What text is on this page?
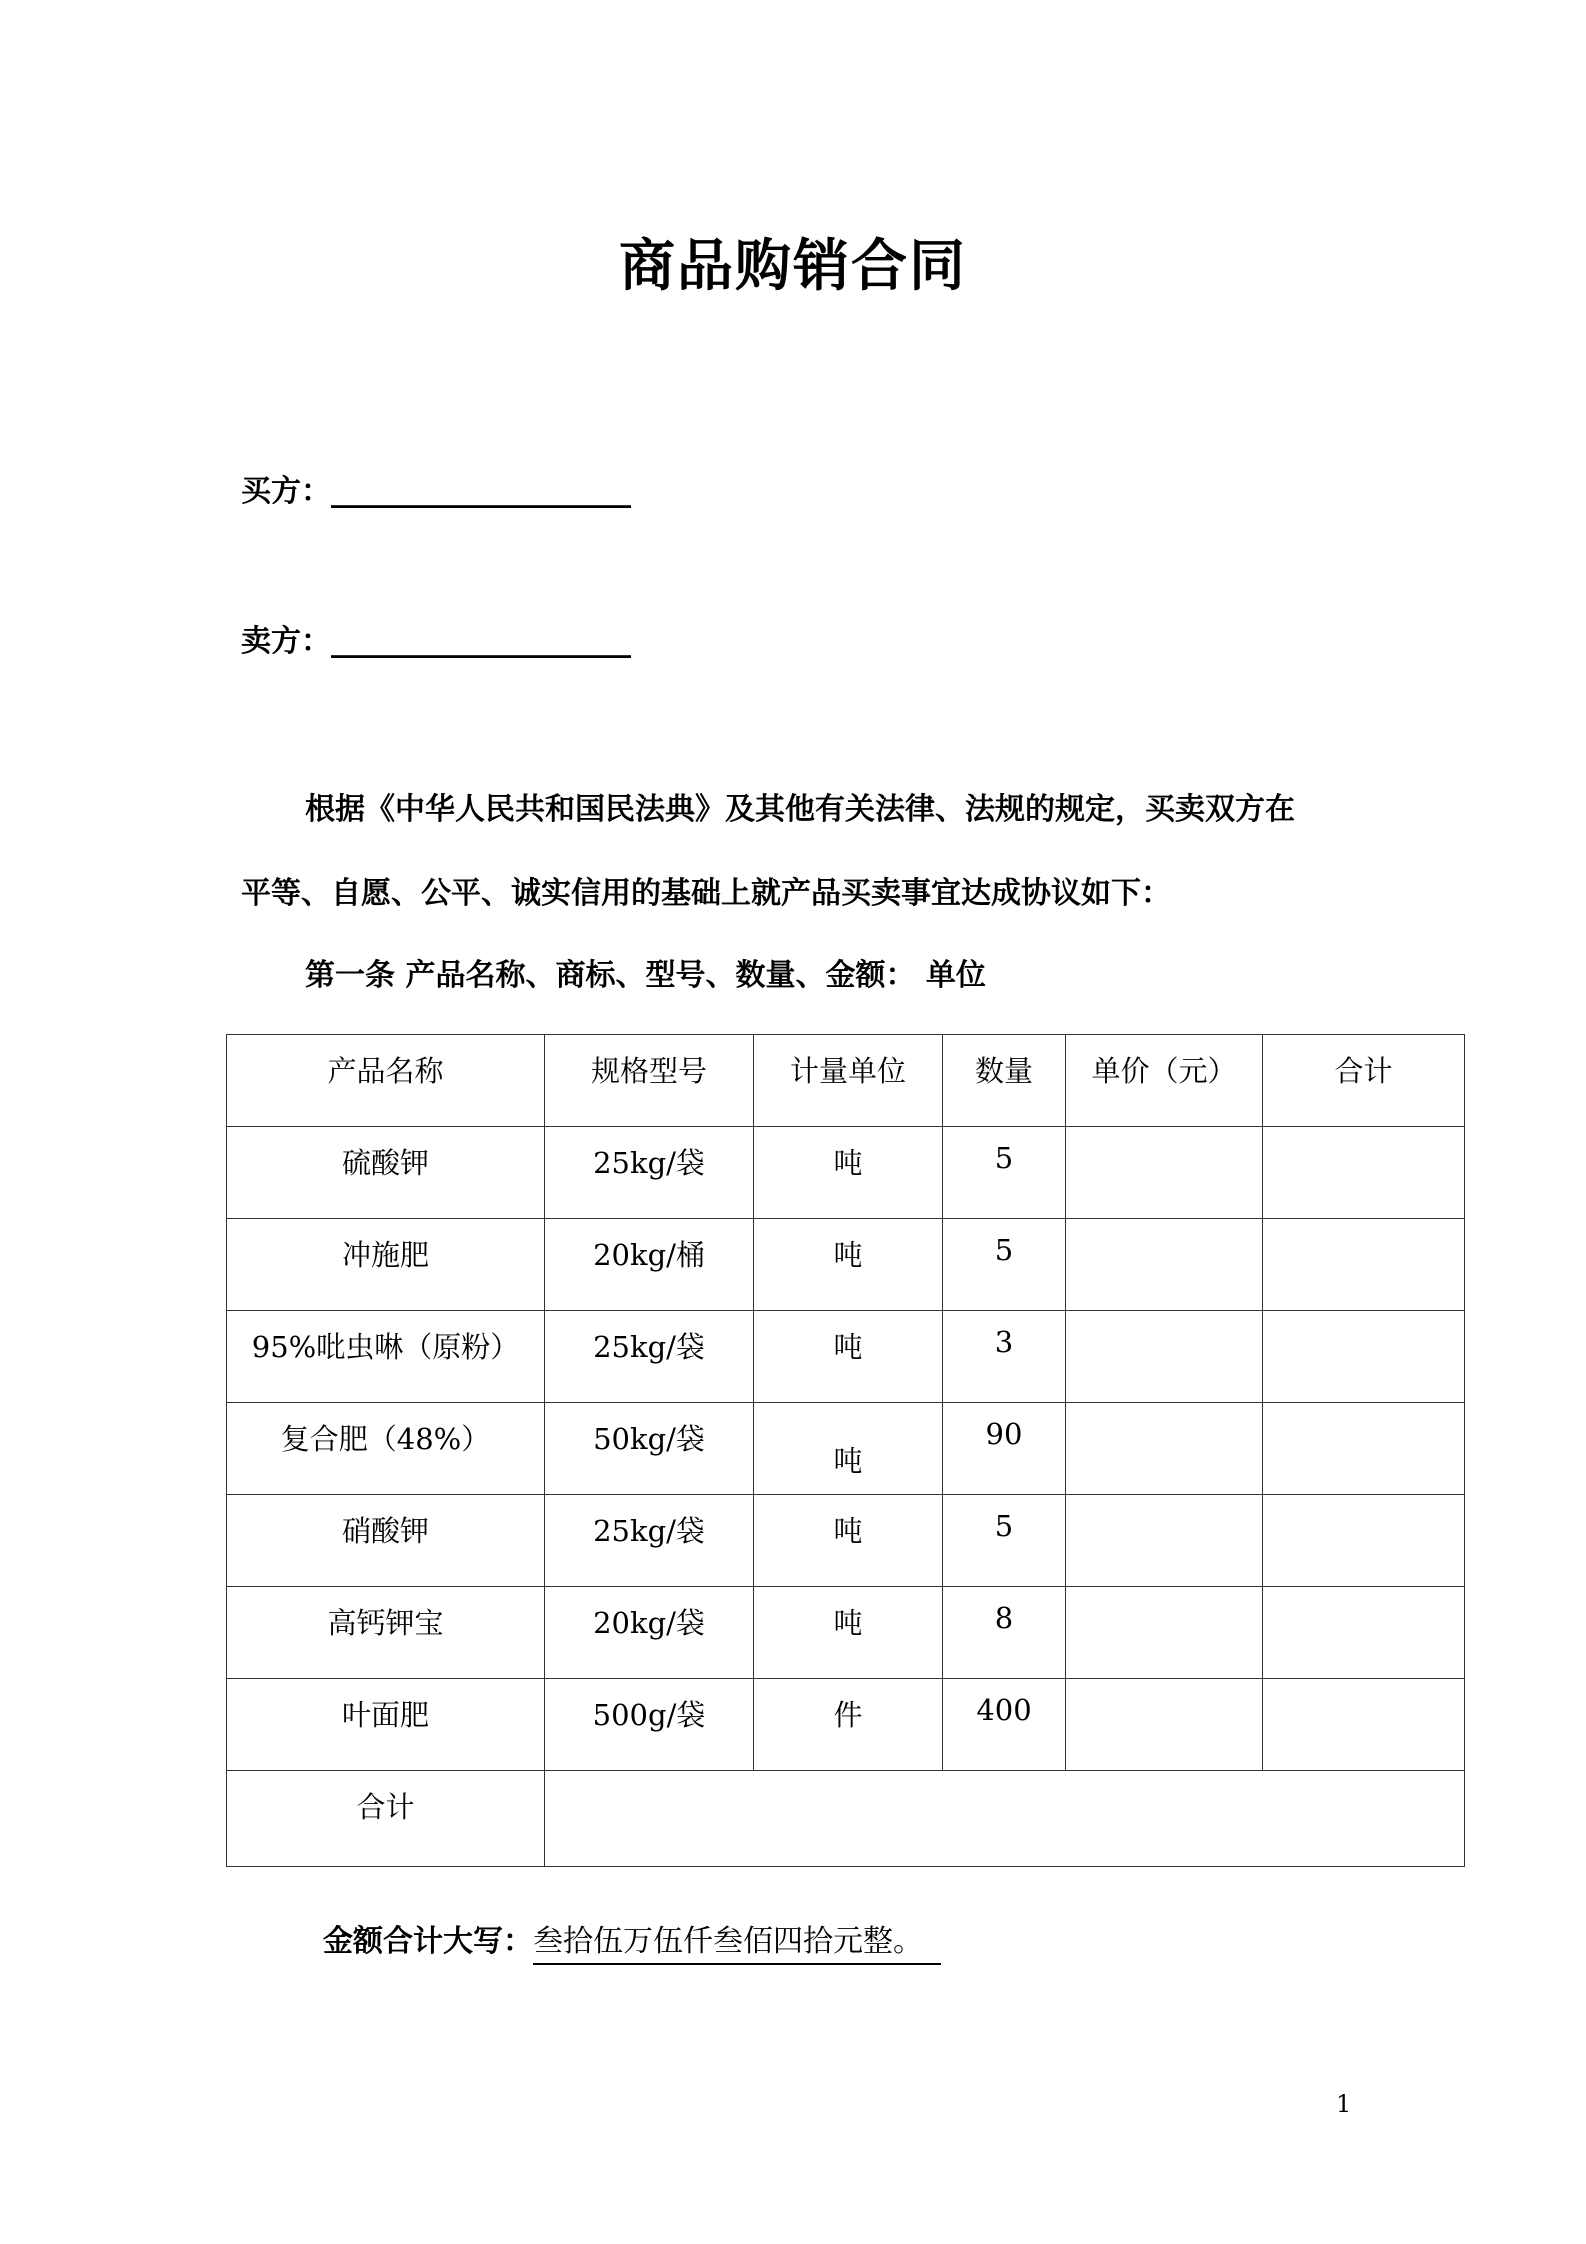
商品购销合同
买方：____________________
卖方：____________________
根据《中华人民共和国民法典》及其他有关法律、法规的规定，买卖双方在
平等、自愿、公平、诚实信用的基础上就产品买卖事宜达成协议如下：
第一条 产品名称、商标、型号、数量、金额： 单位
产品名称	规格型号	计量单位	数量	单价（元）	合计
硫酸钾	25kg/袋	吨	5		
冲施肥	20kg/桶	吨	5		
95%吡虫啉（原粉）	25kg/袋	吨	3		
复合肥（48%）	50kg/袋	吨	90		
硝酸钾	25kg/袋	吨	5		
高钙钾宝	20kg/袋	吨	8		
叶面肥	500g/袋	件	400		
合计					
金额合计大写：叁拾伍万伍仟叁佰四拾元整。
1
